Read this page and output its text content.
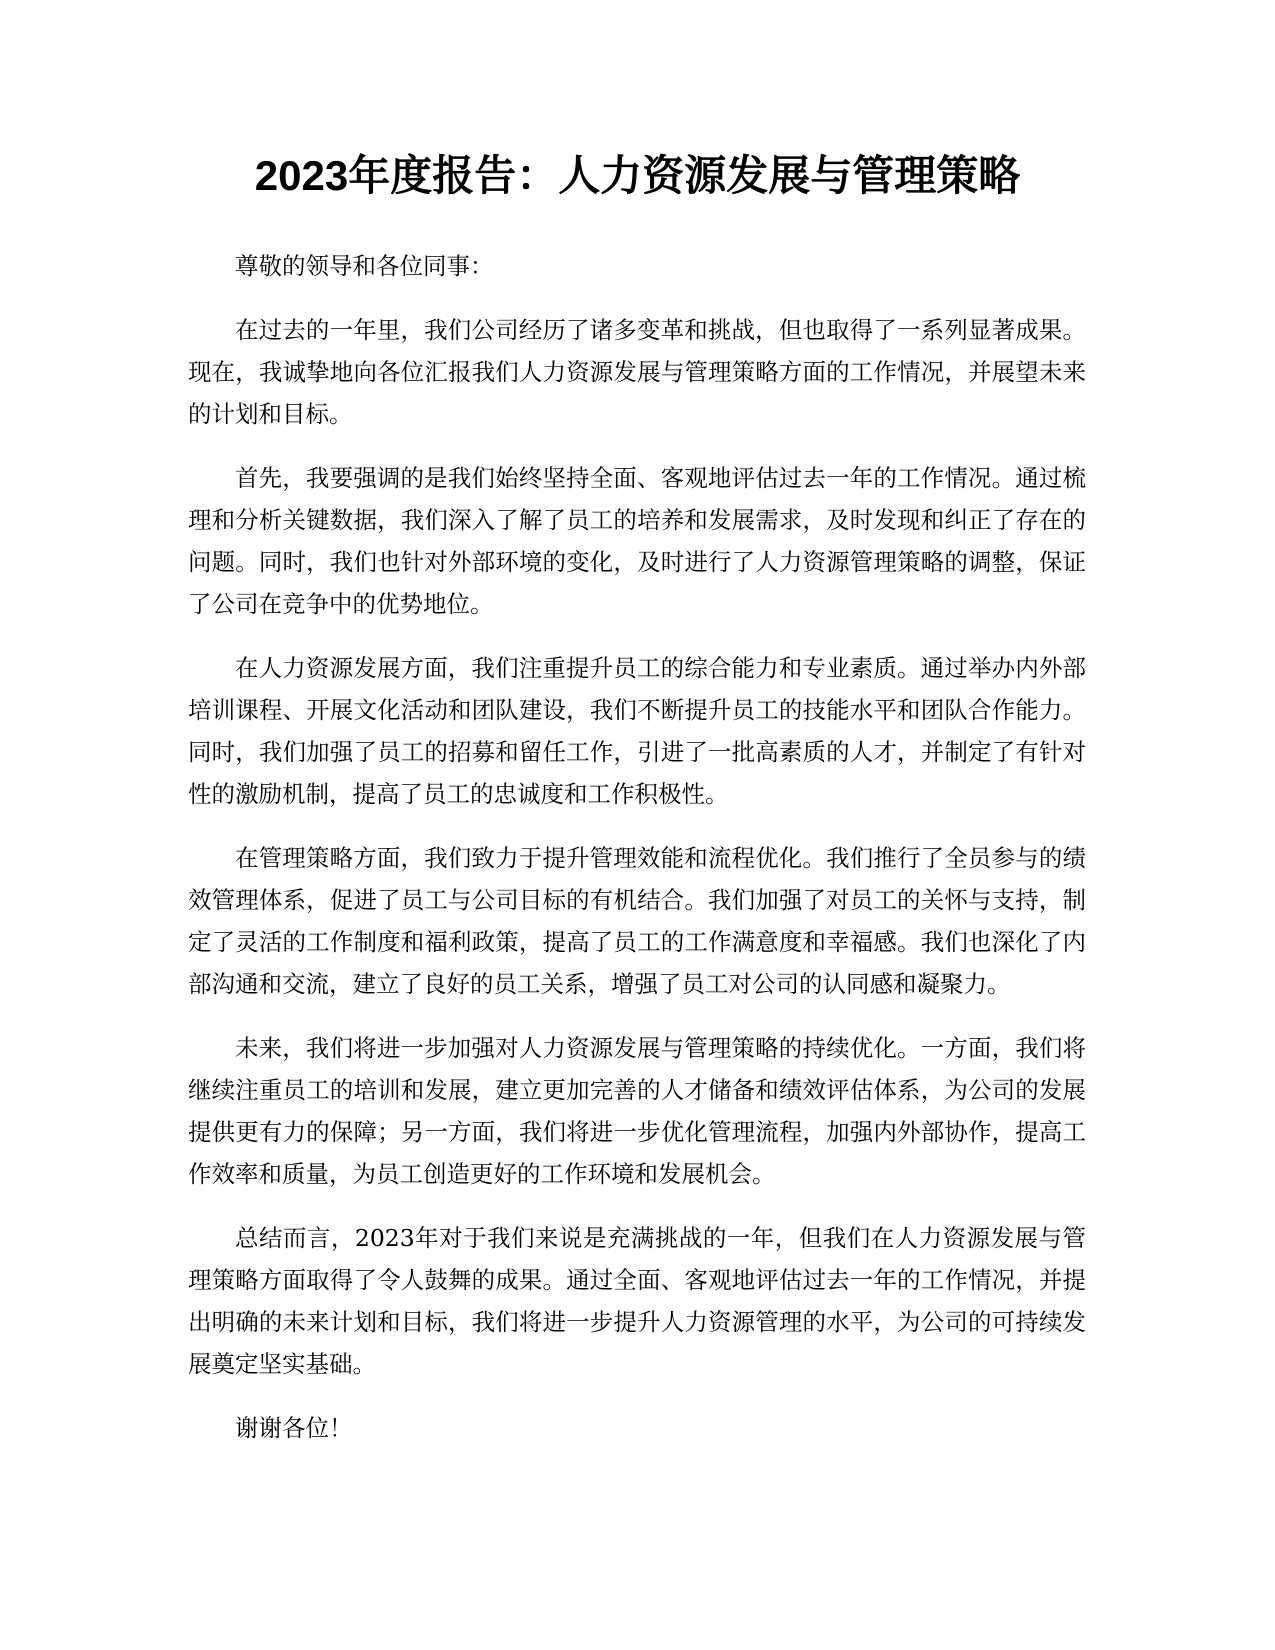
2023年度报告：人力资源发展与管理策略

尊敬的领导和各位同事：

在过去的一年里，我们公司经历了诸多变革和挑战，但也取得了一系列显著成果。现在，我诚挚地向各位汇报我们人力资源发展与管理策略方面的工作情况，并展望未来的计划和目标。

首先，我要强调的是我们始终坚持全面、客观地评估过去一年的工作情况。通过梳理和分析关键数据，我们深入了解了员工的培养和发展需求，及时发现和纠正了存在的问题。同时，我们也针对外部环境的变化，及时进行了人力资源管理策略的调整，保证了公司在竞争中的优势地位。

在人力资源发展方面，我们注重提升员工的综合能力和专业素质。通过举办内外部培训课程、开展文化活动和团队建设，我们不断提升员工的技能水平和团队合作能力。同时，我们加强了员工的招募和留任工作，引进了一批高素质的人才，并制定了有针对性的激励机制，提高了员工的忠诚度和工作积极性。

在管理策略方面，我们致力于提升管理效能和流程优化。我们推行了全员参与的绩效管理体系，促进了员工与公司目标的有机结合。我们加强了对员工的关怀与支持，制定了灵活的工作制度和福利政策，提高了员工的工作满意度和幸福感。我们也深化了内部沟通和交流，建立了良好的员工关系，增强了员工对公司的认同感和凝聚力。

未来，我们将进一步加强对人力资源发展与管理策略的持续优化。一方面，我们将继续注重员工的培训和发展，建立更加完善的人才储备和绩效评估体系，为公司的发展提供更有力的保障；另一方面，我们将进一步优化管理流程，加强内外部协作，提高工作效率和质量，为员工创造更好的工作环境和发展机会。

总结而言，2023年对于我们来说是充满挑战的一年，但我们在人力资源发展与管理策略方面取得了令人鼓舞的成果。通过全面、客观地评估过去一年的工作情况，并提出明确的未来计划和目标，我们将进一步提升人力资源管理的水平，为公司的可持续发展奠定坚实基础。

谢谢各位！
